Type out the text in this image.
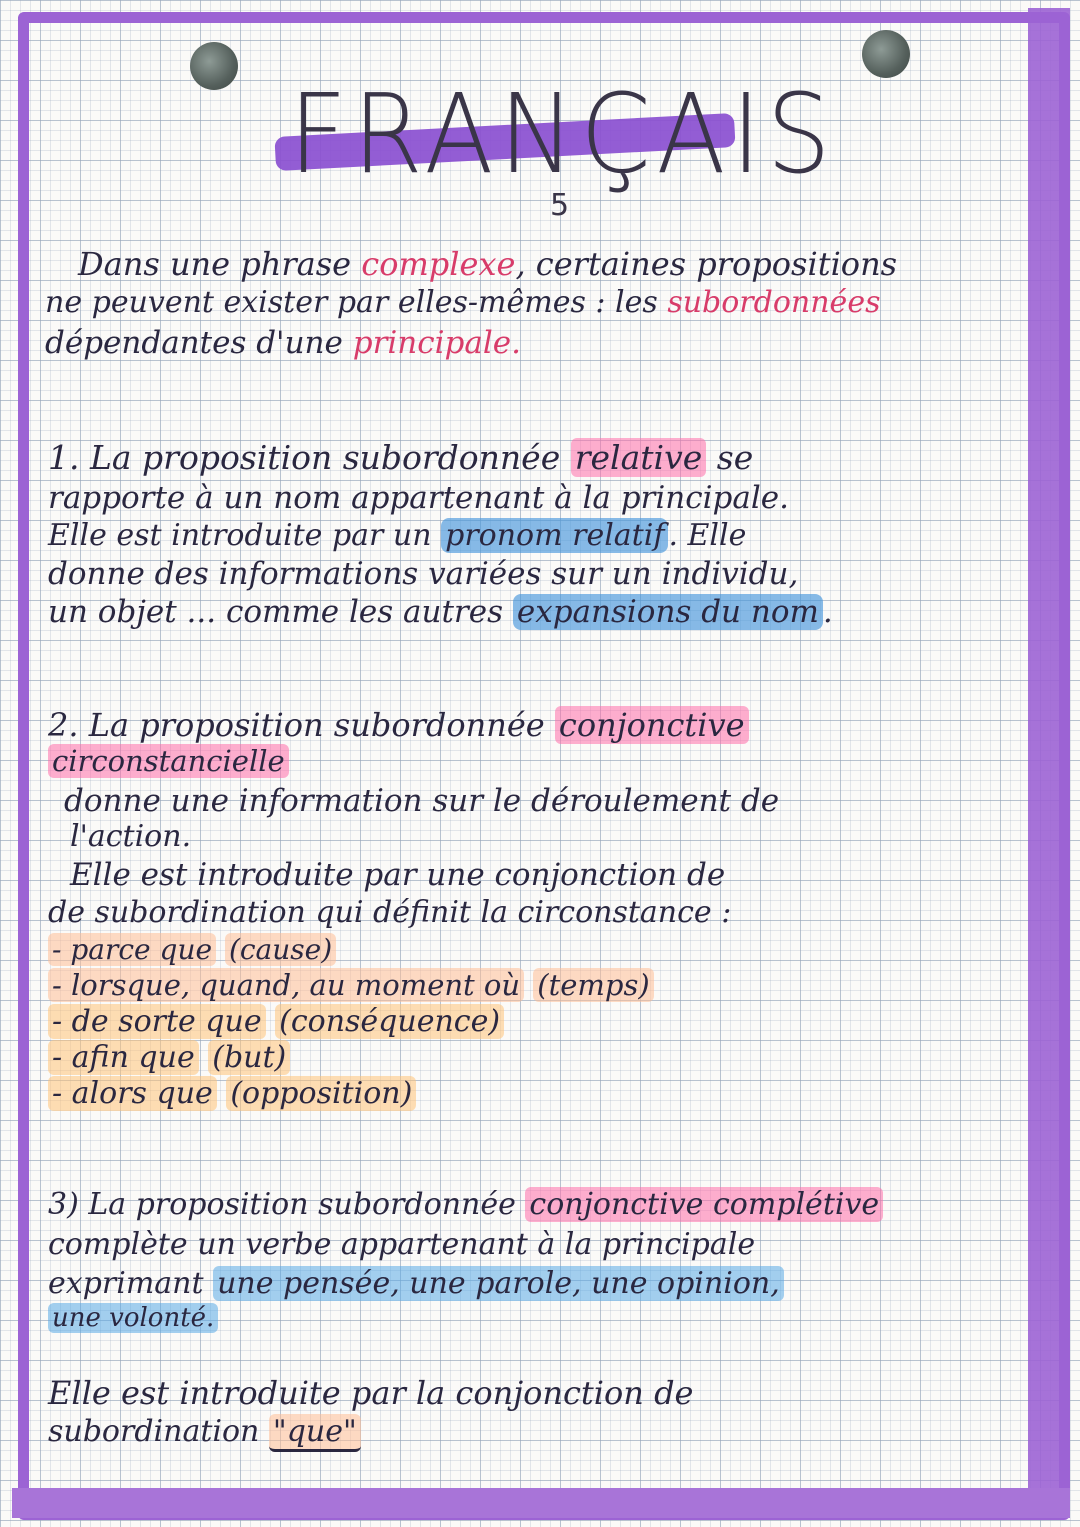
FRANÇAIS
5

Dans une phrase complexe, certaines propositions

ne peuvent exister par elles-mêmes : les subordonnées

dépendantes d'une principale.

1. La proposition subordonnée relative se

rapporte à un nom appartenant à la principale.

Elle est introduite par un pronom relatif . Elle

donne des informations variées sur un individu,

un objet ... comme les autres expansions du nom .

2. La proposition subordonnée conjonctive

circonstancielle

donne une information sur le déroulement de

l'action.

Elle est introduite par une conjonction de

de subordination qui définit la circonstance :

- parce que (cause)

- lorsque, quand, au moment où (temps)

- de sorte que (conséquence)

- afin que (but)

- alors que (opposition)

3) La proposition subordonnée conjonctive complétive

complète un verbe appartenant à la principale

exprimant une pensée, une parole, une opinion,

une volonté.

Elle est introduite par la conjonction de

subordination "que"
